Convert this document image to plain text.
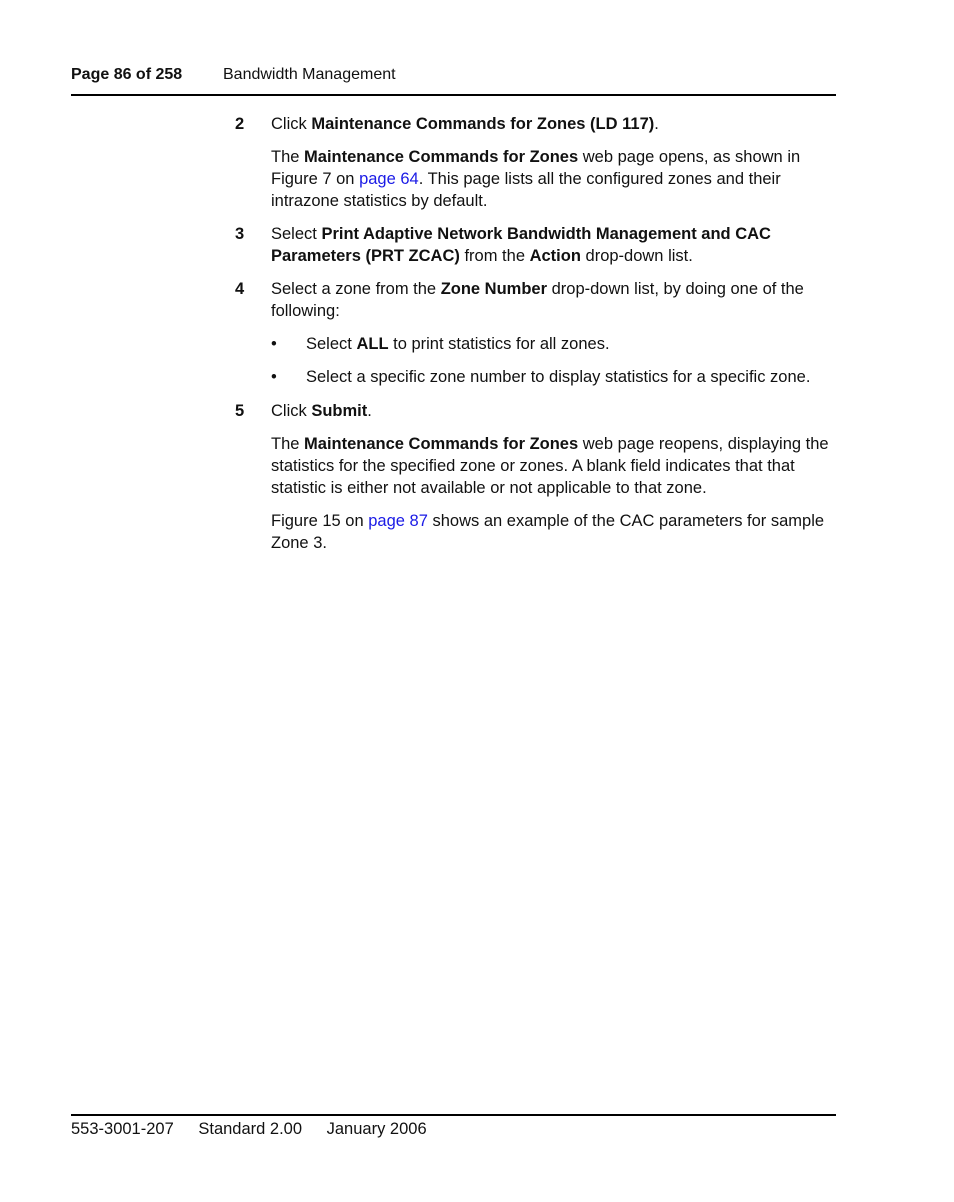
Page 86 of 258	Bandwidth Management
2 Click Maintenance Commands for Zones (LD 117).
The Maintenance Commands for Zones web page opens, as shown in Figure 7 on page 64. This page lists all the configured zones and their intrazone statistics by default.
3 Select Print Adaptive Network Bandwidth Management and CAC Parameters (PRT ZCAC) from the Action drop-down list.
4 Select a zone from the Zone Number drop-down list, by doing one of the following:
• Select ALL to print statistics for all zones.
• Select a specific zone number to display statistics for a specific zone.
5 Click Submit.
The Maintenance Commands for Zones web page reopens, displaying the statistics for the specified zone or zones. A blank field indicates that that statistic is either not available or not applicable to that zone.
Figure 15 on page 87 shows an example of the CAC parameters for sample Zone 3.
553-3001-207 Standard 2.00 January 2006
